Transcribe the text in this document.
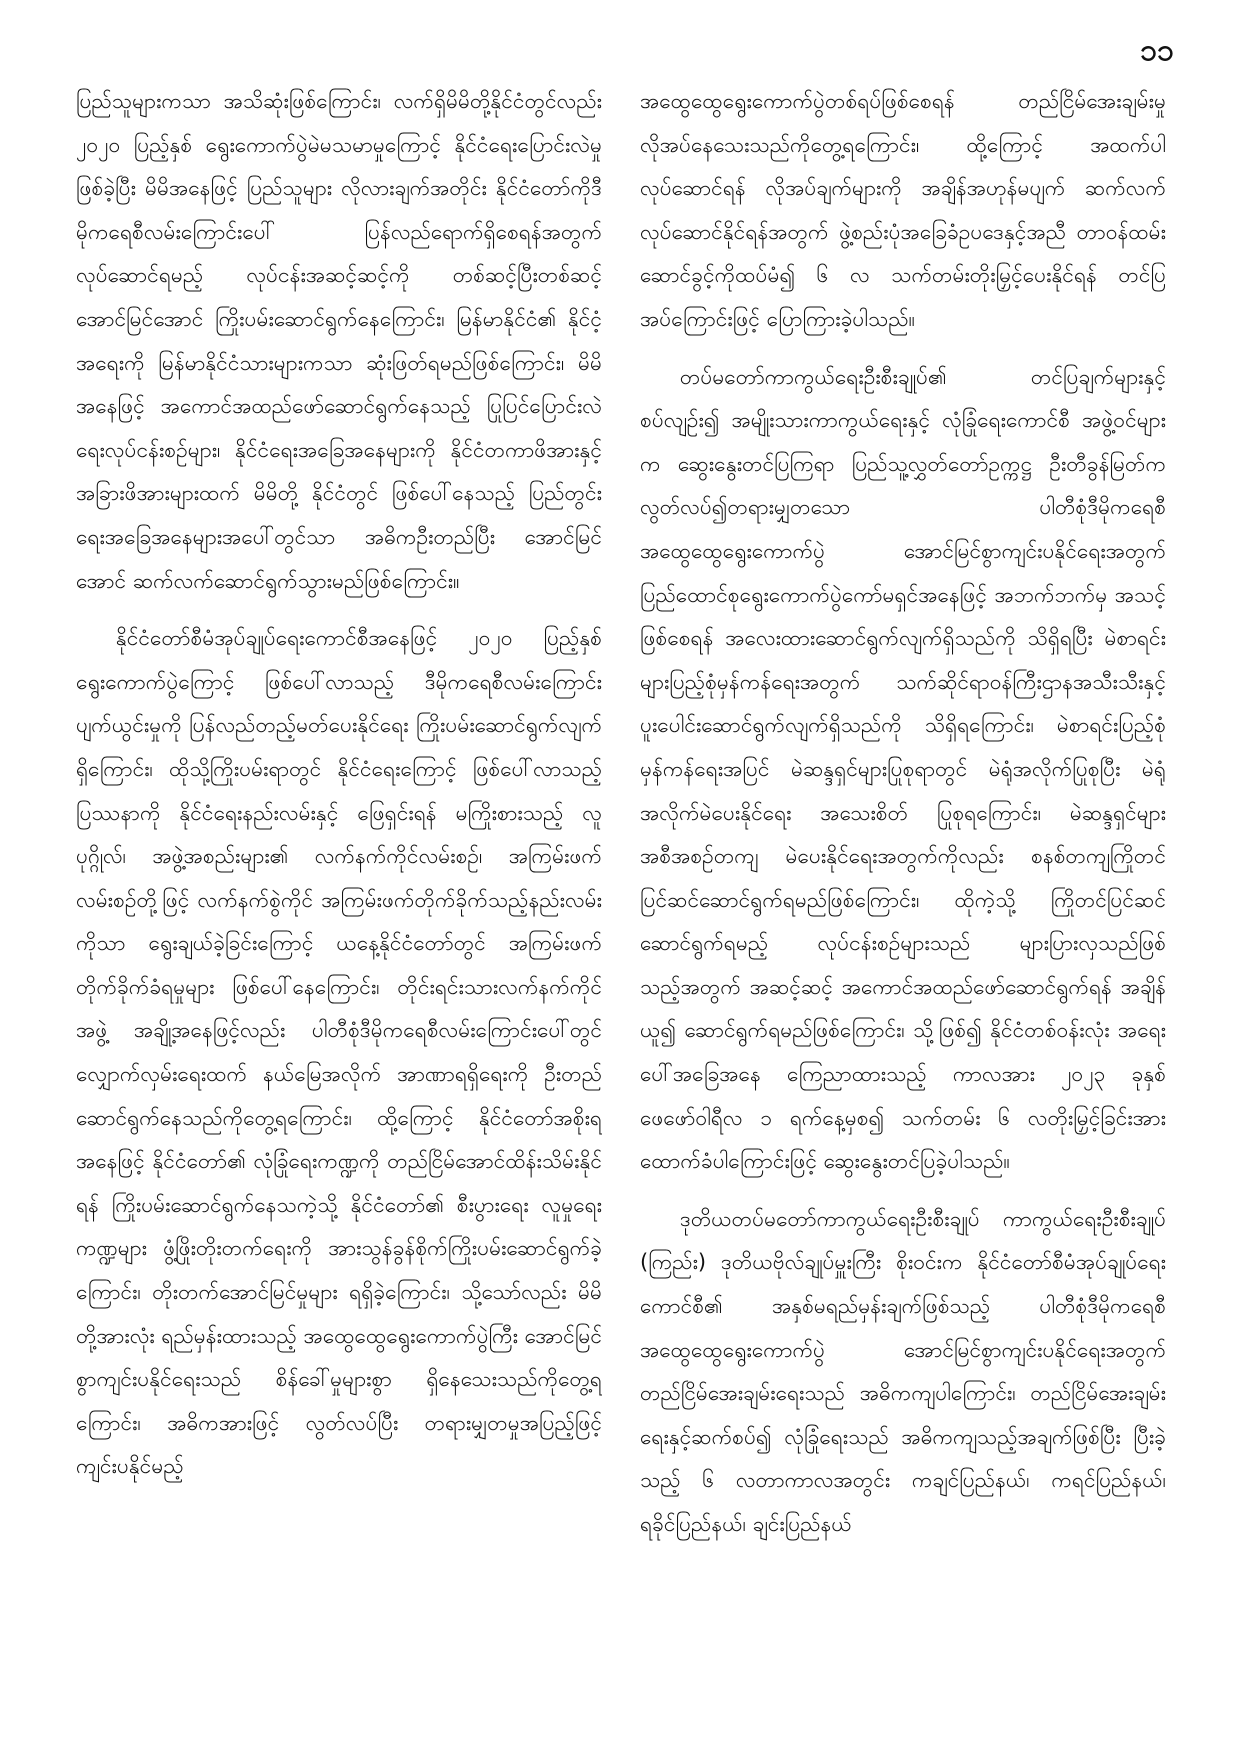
၁၁

ပြည်သူများကသာ အသိဆုံးဖြစ်ကြောင်း၊ လက်ရှိမိမိတို့နိုင်ငံတွင်လည်း ၂၀၂၀ ပြည့်နှစ် ရွေးကောက်ပွဲမဲမသမာမှုကြောင့် နိုင်ငံရေးပြောင်းလဲမှုဖြစ်ခဲ့ပြီး မိမိအနေဖြင့် ပြည်သူများ လိုလားချက်အတိုင်း နိုင်ငံတော်ကိုဒီမိုကရေစီလမ်းကြောင်းပေါ် ပြန်လည်ရောက်ရှိစေရန်အတွက် လုပ်ဆောင်ရမည့် လုပ်ငန်းအဆင့်ဆင့်ကို တစ်ဆင့်ပြီးတစ်ဆင့် အောင်မြင်အောင် ကြိုးပမ်းဆောင်ရွက်နေကြောင်း၊ မြန်မာနိုင်ငံ၏ နိုင်ငံ့အရေးကို မြန်မာနိုင်ငံသားများကသာ ဆုံးဖြတ်ရမည်ဖြစ်ကြောင်း၊ မိမိအနေဖြင့် အကောင်အထည်ဖော်ဆောင်ရွက်နေသည့် ပြုပြင်ပြောင်းလဲရေးလုပ်ငန်းစဉ်များ၊ နိုင်ငံရေးအခြေအနေများကို နိုင်ငံတကာဖိအားနှင့် အခြားဖိအားများထက် မိမိတို့ နိုင်ငံတွင် ဖြစ်ပေါ်နေသည့် ပြည်တွင်းရေးအခြေအနေများအပေါ်တွင်သာ အဓိကဦးတည်ပြီး အောင်မြင်အောင် ဆက်လက်ဆောင်ရွက်သွားမည်ဖြစ်ကြောင်း။

နိုင်ငံတော်စီမံအုပ်ချုပ်ရေးကောင်စီအနေဖြင့် ၂၀၂၀ ပြည့်နှစ် ရွေးကောက်ပွဲကြောင့် ဖြစ်ပေါ်လာသည့် ဒီမိုကရေစီလမ်းကြောင်း ပျက်ယွင်းမှုကို ပြန်လည်တည့်မတ်ပေးနိုင်ရေး ကြိုးပမ်းဆောင်ရွက်လျက်ရှိကြောင်း၊ ထိုသို့ကြိုးပမ်းရာတွင် နိုင်ငံရေးကြောင့် ဖြစ်ပေါ်လာသည့်ပြဿနာကို နိုင်ငံရေးနည်းလမ်းနှင့် ဖြေရှင်းရန် မကြိုးစားသည့် လူပုဂ္ဂိုလ်၊ အဖွဲ့အစည်းများ၏ လက်နက်ကိုင်လမ်းစဉ်၊ အကြမ်းဖက်လမ်းစဉ်တို့ဖြင့် လက်နက်စွဲကိုင် အကြမ်းဖက်တိုက်ခိုက်သည့်နည်းလမ်းကိုသာ ရွေးချယ်ခဲ့ခြင်းကြောင့် ယနေ့နိုင်ငံတော်တွင် အကြမ်းဖက်တိုက်ခိုက်ခံရမှုများ ဖြစ်ပေါ်နေကြောင်း၊ တိုင်းရင်းသားလက်နက်ကိုင်အဖွဲ့ အချို့အနေဖြင့်လည်း ပါတီစုံဒီမိုကရေစီလမ်းကြောင်းပေါ်တွင် လျှောက်လှမ်းရေးထက် နယ်မြေအလိုက် အာဏာရရှိရေးကို ဦးတည်ဆောင်ရွက်နေသည်ကိုတွေ့ရကြောင်း၊ ထို့ကြောင့် နိုင်ငံတော်အစိုးရအနေဖြင့် နိုင်ငံတော်၏ လုံခြုံရေးကဏ္ဍကို တည်ငြိမ်အောင်ထိန်းသိမ်းနိုင်ရန် ကြိုးပမ်းဆောင်ရွက်နေသကဲ့သို့ နိုင်ငံတော်၏ စီးပွားရေး လူမှုရေးကဏ္ဍများ ဖွံ့ဖြိုးတိုးတက်ရေးကို အားသွန်ခွန်စိုက်ကြိုးပမ်းဆောင်ရွက်ခဲ့ကြောင်း၊ တိုးတက်အောင်မြင်မှုများ ရရှိခဲ့ကြောင်း၊ သို့သော်လည်း မိမိတို့အားလုံး ရည်မှန်းထားသည့် အထွေထွေရွေးကောက်ပွဲကြီး အောင်မြင်စွာကျင်းပနိုင်ရေးသည် စိန်ခေါ်မှုများစွာ ရှိနေသေးသည်ကိုတွေ့ရကြောင်း၊ အဓိကအားဖြင့် လွတ်လပ်ပြီး တရားမျှတမှုအပြည့်ဖြင့် ကျင်းပနိုင်မည့်

အထွေထွေရွေးကောက်ပွဲတစ်ရပ်ဖြစ်စေရန် တည်ငြိမ်အေးချမ်းမှု လိုအပ်နေသေးသည်ကိုတွေ့ရကြောင်း၊ ထို့ကြောင့် အထက်ပါ လုပ်ဆောင်ရန် လိုအပ်ချက်များကို အချိန်အဟုန်မပျက် ဆက်လက်လုပ်ဆောင်နိုင်ရန်အတွက် ဖွဲ့စည်းပုံအခြေခံဥပဒေနှင့်အညီ တာဝန်ထမ်းဆောင်ခွင့်ကိုထပ်မံ၍ ၆ လ သက်တမ်းတိုးမြှင့်ပေးနိုင်ရန် တင်ပြအပ်ကြောင်းဖြင့် ပြောကြားခဲ့ပါသည်။

တပ်မတော်ကာကွယ်ရေးဦးစီးချုပ်၏ တင်ပြချက်များနှင့်စပ်လျဉ်း၍ အမျိုးသားကာကွယ်ရေးနှင့် လုံခြုံရေးကောင်စီ အဖွဲ့ဝင်များက ဆွေးနွေးတင်ပြကြရာ ပြည်သူ့လွှတ်တော်ဥက္ကဋ္ဌ ဦးတီခွန်မြတ်က လွတ်လပ်၍တရားမျှတသော ပါတီစုံဒီမိုကရေစီအထွေထွေရွေးကောက်ပွဲ အောင်မြင်စွာကျင်းပနိုင်ရေးအတွက် ပြည်ထောင်စုရွေးကောက်ပွဲကော်မရှင်အနေဖြင့် အဘက်ဘက်မှ အသင့်ဖြစ်စေရန် အလေးထားဆောင်ရွက်လျက်ရှိသည်ကို သိရှိရပြီး မဲစာရင်းများပြည့်စုံမှန်ကန်ရေးအတွက် သက်ဆိုင်ရာဝန်ကြီးဌာနအသီးသီးနှင့် ပူးပေါင်းဆောင်ရွက်လျက်ရှိသည်ကို သိရှိရကြောင်း၊ မဲစာရင်းပြည့်စုံမှန်ကန်ရေးအပြင် မဲဆန္ဒရှင်များပြုစုရာတွင် မဲရုံအလိုက်ပြုစုပြီး မဲရုံအလိုက်မဲပေးနိုင်ရေး အသေးစိတ် ပြုစုရကြောင်း၊ မဲဆန္ဒရှင်များ အစီအစဉ်တကျ မဲပေးနိုင်ရေးအတွက်ကိုလည်း စနစ်တကျကြိုတင် ပြင်ဆင်ဆောင်ရွက်ရမည်ဖြစ်ကြောင်း၊ ထိုကဲ့သို့ ကြိုတင်ပြင်ဆင်ဆောင်ရွက်ရမည့် လုပ်ငန်းစဉ်များသည် များပြားလှသည်ဖြစ်သည့်အတွက် အဆင့်ဆင့် အကောင်အထည်ဖော်ဆောင်ရွက်ရန် အချိန်ယူ၍ ဆောင်ရွက်ရမည်ဖြစ်ကြောင်း၊ သို့ဖြစ်၍ နိုင်ငံတစ်ဝန်းလုံး အရေးပေါ်အခြေအနေ ကြေညာထားသည့် ကာလအား ၂၀၂၃ ခုနှစ် ဖေဖော်ဝါရီလ ၁ ရက်နေ့မှစ၍ သက်တမ်း ၆ လတိုးမြှင့်ခြင်းအား ထောက်ခံပါကြောင်းဖြင့် ဆွေးနွေးတင်ပြခဲ့ပါသည်။

ဒုတိယတပ်မတော်ကာကွယ်ရေးဦးစီးချုပ် ကာကွယ်ရေးဦးစီးချုပ် (ကြည်း) ဒုတိယဗိုလ်ချုပ်မှူးကြီး စိုးဝင်းက နိုင်ငံတော်စီမံအုပ်ချုပ်ရေးကောင်စီ၏ အနှစ်မရည်မှန်းချက်ဖြစ်သည့် ပါတီစုံဒီမိုကရေစီအထွေထွေရွေးကောက်ပွဲ အောင်မြင်စွာကျင်းပနိုင်ရေးအတွက် တည်ငြိမ်အေးချမ်းရေးသည် အဓိကကျပါကြောင်း၊ တည်ငြိမ်အေးချမ်းရေးနှင့်ဆက်စပ်၍ လုံခြုံရေးသည် အဓိကကျသည့်အချက်ဖြစ်ပြီး ပြီးခဲ့သည့် ၆ လတာကာလအတွင်း ကချင်ပြည်နယ်၊ ကရင်ပြည်နယ်၊ ရခိုင်ပြည်နယ်၊ ချင်းပြည်နယ်
